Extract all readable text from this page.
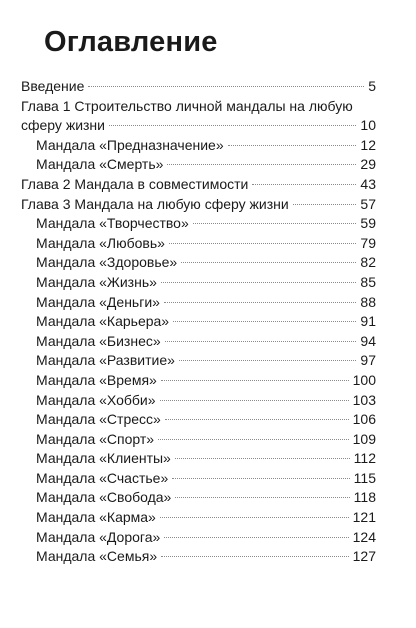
Оглавление
Введение	5
Глава 1 Строительство личной мандалы на любую
сферу жизни	10
Мандала «Предназначение»	12
Мандала «Смерть»	29
Глава 2 Мандала в совместимости	43
Глава 3 Мандала на любую сферу жизни	57
Мандала «Творчество»	59
Мандала «Любовь»	79
Мандала «Здоровье»	82
Мандала «Жизнь»	85
Мандала «Деньги»	88
Мандала «Карьера»	91
Мандала «Бизнес»	94
Мандала «Развитие»	97
Мандала «Время»	100
Мандала «Хобби»	103
Мандала «Стресс»	106
Мандала «Спорт»	109
Мандала «Клиенты»	112
Мандала «Счастье»	115
Мандала «Свобода»	118
Мандала «Карма»	121
Мандала «Дорога»	124
Мандала «Семья»	127
